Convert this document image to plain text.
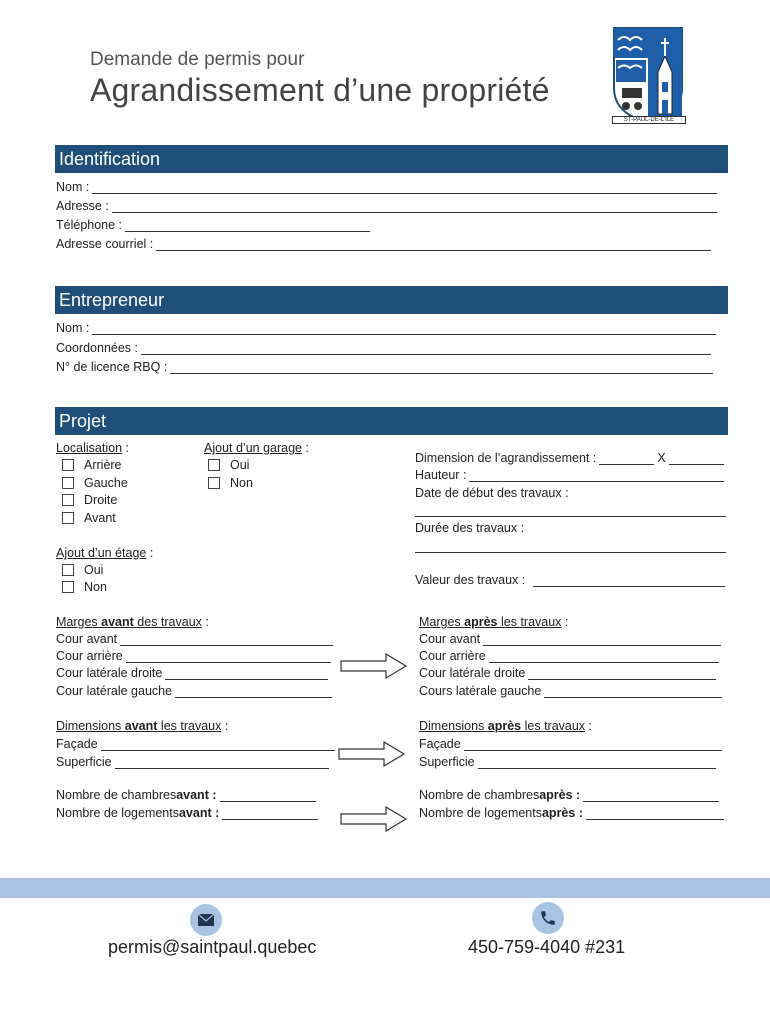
Demande de permis pour
Agrandissement d’une propriété
ST-PAUL-DE-L'ILE
Identification
Nom :
Adresse :
Téléphone :
Adresse courriel :
Entrepreneur
Nom :
Coordonnées :
N° de licence RBQ :
Projet
Localisation :
Arrière
Gauche
Droite
Avant
Ajout d’un garage :
Oui
Non
Ajout d’un étage :
Oui
Non
Dimension de l’agrandissement :	X
Hauteur :
Date de début des travaux :
Durée des travaux :
Valeur des travaux :
Marges avant des travaux :
Cour avant
Cour arrière
Cour latérale droite
Cour latérale gauche
Marges après les travaux :
Cour avant
Cour arrière
Cour latérale droite
Cours latérale gauche
Dimensions avant les travaux :
Façade
Superficie
Dimensions après les travaux :
Façade
Superficie
Nombre de chambres avant :
Nombre de logements avant :
Nombre de chambres après :
Nombre de logements après :
permis@saintpaul.quebec	450-759-4040 #231
